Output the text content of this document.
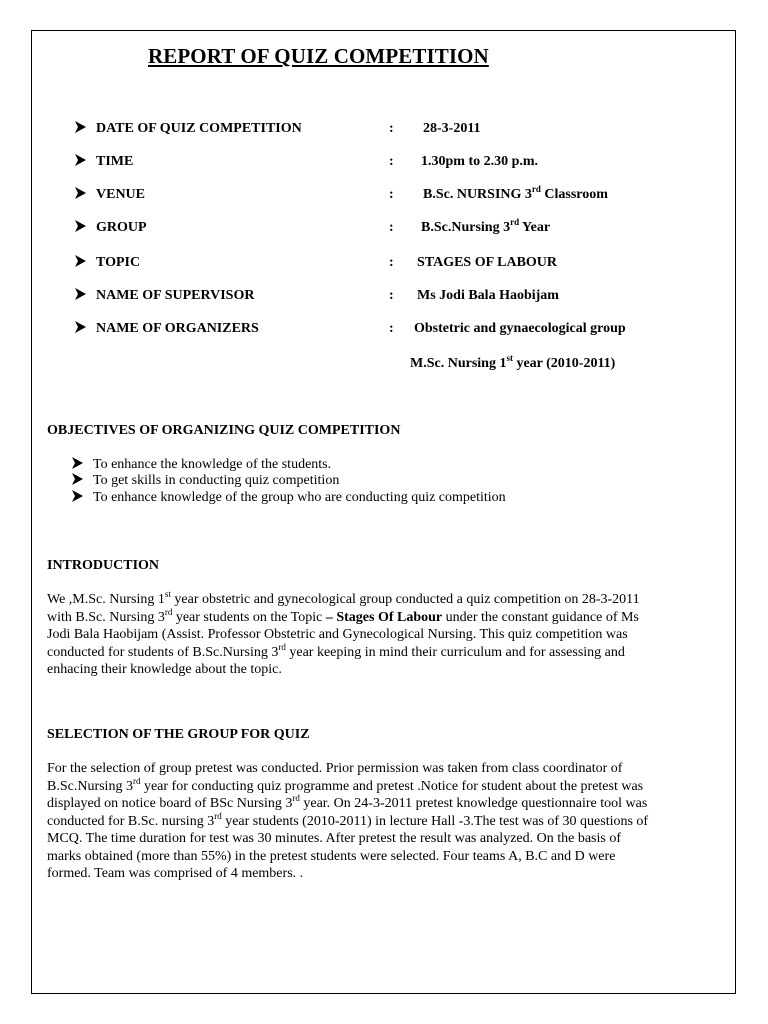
REPORT OF QUIZ COMPETITION
DATE OF QUIZ COMPETITION	: 28-3-2011
TIME	: 1.30pm to 2.30 p.m.
VENUE	: B.Sc. NURSING 3rd Classroom
GROUP	: B.Sc.Nursing 3rd Year
TOPIC	: STAGES OF LABOUR
NAME OF SUPERVISOR	: Ms Jodi Bala Haobijam
NAME OF ORGANIZERS	: Obstetric and gynaecological group
M.Sc. Nursing 1st year (2010-2011)
OBJECTIVES OF ORGANIZING QUIZ COMPETITION
To enhance the knowledge of the students.
To get skills in conducting quiz competition
To enhance knowledge of the group who are conducting quiz competition
INTRODUCTION
We ,M.Sc. Nursing 1st year obstetric and gynecological group conducted a quiz competition on 28-3-2011
with B.Sc. Nursing 3rd year students on the Topic – Stages Of Labour under the constant guidance of Ms
Jodi Bala Haobijam (Assist. Professor Obstetric and Gynecological Nursing. This quiz competition was
conducted for students of B.Sc.Nursing 3rd year keeping in mind their curriculum and for assessing and
enhacing their knowledge about the topic.
SELECTION OF THE GROUP FOR QUIZ
For the selection of group pretest was conducted. Prior permission was taken from class coordinator of
B.Sc.Nursing 3rd year for conducting quiz programme and pretest .Notice for student about the pretest was
displayed on notice board of BSc Nursing 3rd year. On 24-3-2011 pretest knowledge questionnaire tool was
conducted for B.Sc. nursing 3rd year students (2010-2011) in lecture Hall -3.The test was of 30 questions of
MCQ. The time duration for test was 30 minutes. After pretest the result was analyzed. On the basis of
marks obtained (more than 55%) in the pretest students were selected. Four teams A, B.C and D were
formed. Team was comprised of 4 members. .
